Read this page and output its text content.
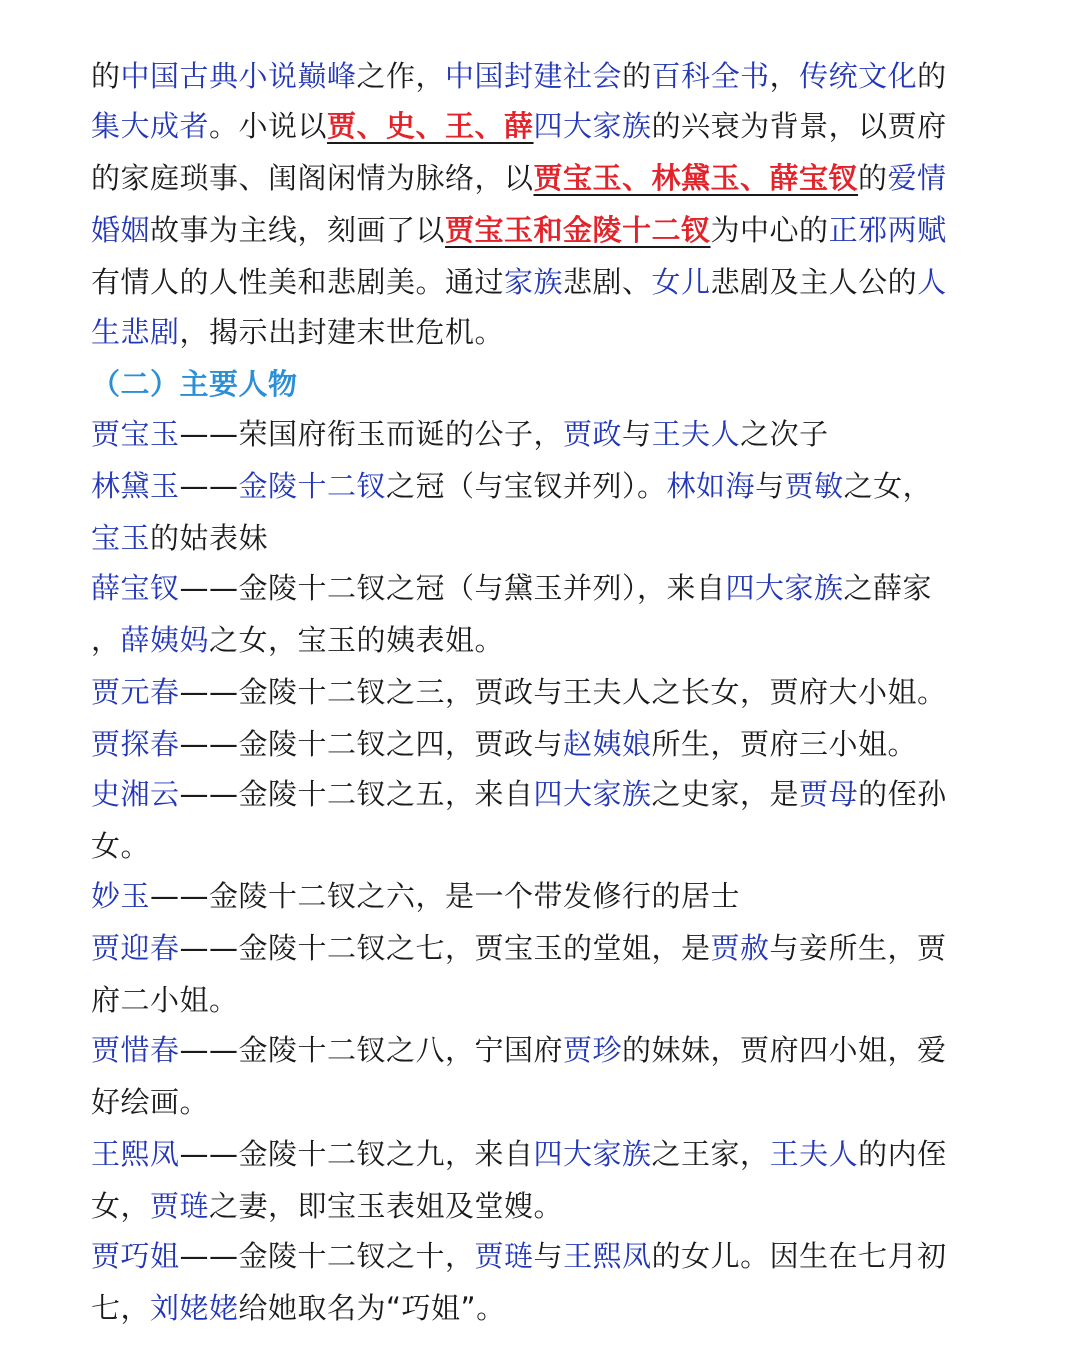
的中国古典小说巅峰之作，中国封建社会的百科全书，传统文化的
集大成者。小说以贾、史、王、薛四大家族的兴衰为背景，以贾府
的家庭琐事、闺阁闲情为脉络，以贾宝玉、林黛玉、薛宝钗的爱情
婚姻故事为主线，刻画了以贾宝玉和金陵十二钗为中心的正邪两赋
有情人的人性美和悲剧美。通过家族悲剧、女儿悲剧及主人公的人
生悲剧，揭示出封建末世危机。
（二）主要人物
贾宝玉——荣国府衔玉而诞的公子，贾政与王夫人之次子
林黛玉——金陵十二钗之冠（与宝钗并列）。林如海与贾敏之女，
宝玉的姑表妹
薛宝钗——金陵十二钗之冠（与黛玉并列），来自四大家族之薛家
，薛姨妈之女，宝玉的姨表姐。
贾元春——金陵十二钗之三，贾政与王夫人之长女，贾府大小姐。
贾探春——金陵十二钗之四，贾政与赵姨娘所生，贾府三小姐。
史湘云——金陵十二钗之五，来自四大家族之史家，是贾母的侄孙
女。
妙玉——金陵十二钗之六，是一个带发修行的居士
贾迎春——金陵十二钗之七，贾宝玉的堂姐，是贾赦与妾所生，贾
府二小姐。
贾惜春——金陵十二钗之八，宁国府贾珍的妹妹，贾府四小姐，爱
好绘画。
王熙凤——金陵十二钗之九，来自四大家族之王家，王夫人的内侄
女，贾琏之妻，即宝玉表姐及堂嫂。
贾巧姐——金陵十二钗之十，贾琏与王熙凤的女儿。因生在七月初
七，刘姥姥给她取名为“巧姐”。
